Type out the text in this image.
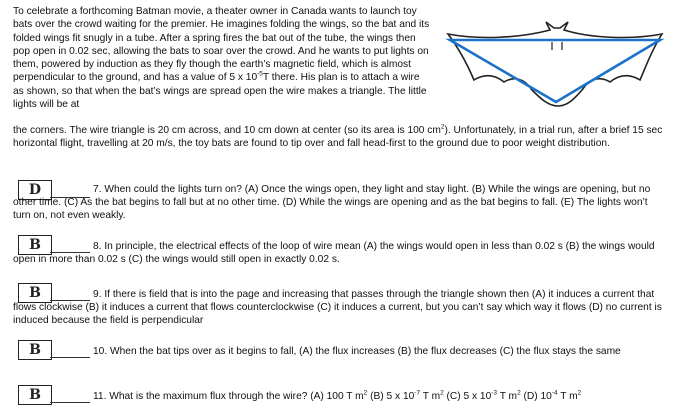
To celebrate a forthcoming Batman movie, a theater owner in Canada wants to launch toy bats over the crowd waiting for the premier. He imagines folding the wings, so the bat and its folded wings fit snugly in a tube. After a spring fires the bat out of the tube, the wings then pop open in 0.02 sec, allowing the bats to soar over the crowd. And he wants to put lights on them, powered by induction as they fly though the earth’s magnetic field, which is almost perpendicular to the ground, and has a value of 5 x $10^{-5}T$ there. His plan is to attach a wire as shown, so that when the bat’s wings are spread open the wire makes a triangle. The little lights will be at
the corners. The wire triangle is 20 cm across, and 10 cm down at center (so its area is 100 $cm^2$). Unfortunately, in a trial run, after a brief 15 sec horizontal flight, travelling at 20 m/s, the toy bats are found to tip over and fall head-first to the ground due to poor weight distribution.
D	7. When could the lights turn on? (A) Once the wings open, they light and stay light. (B) While the wings are opening, but no other time. (C) As the bat begins to fall but at no other time. (D) While the wings are opening and as the bat begins to fall. (E) The lights won’t turn on, not even weakly.
B	8. In principle, the electrical effects of the loop of wire mean (A) the wings would open in less than 0.02 s (B) the wings would open in more than 0.02 s (C) the wings would still open in exactly 0.02 s.
B	9. If there is field that is into the page and increasing that passes through the triangle shown then (A) it induces a current that flows clockwise (B) it induces a current that flows counterclockwise (C) it induces a current, but you can’t say which way it flows (D) no current is induced because the field is perpendicular
B	10. When the bat tips over as it begins to fall, (A) the flux increases (B) the flux decreases (C) the flux stays the same
B	11. What is the maximum flux through the wire? (A) 100 T $m^2$ (B) 5 x $10^{-7}$ T $m^2$ (C) 5 x $10^{-3}$ T $m^2$ (D) $10^{-4}$ T $m^2$
